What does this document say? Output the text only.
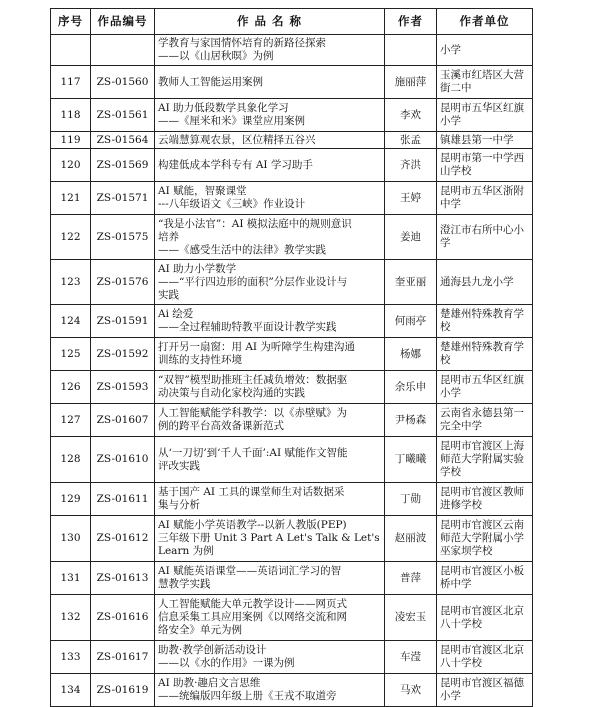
序号	作品编号	作 品 名 称	作者	作者单位

		学教育与家国情怀培育的新路径探索
——以《山居秋暝》为例		小学

117	ZS-01560	教师人工智能运用案例	施丽萍	玉溪市红塔区大营
街二中

118	ZS-01561	AI 助力低段数学具象化学习
——《厘米和米》课堂应用案例	李欢	昆明市五华区红旗
小学

119	ZS-01564	云端慧算观农景，区位精择五谷兴	张孟	镇雄县第一中学

120	ZS-01569	构建低成本学科专有 AI 学习助手	齐洪	昆明市第一中学西
山学校

121	ZS-01571	AI 赋能，智聚课堂
---八年级语文《三峡》作业设计	王婷	昆明市五华区浙附
中学

122	ZS-01575	“我是小法官”：AI 模拟法庭中的规则意识
培养
——《感受生活中的法律》教学实践	姜迪	澄江市右所中心小
学

123	ZS-01576	AI 助力小学数学
——“平行四边形的面积”分层作业设计与
实践	奎亚丽	通海县九龙小学

124	ZS-01591	Ai 绘爱
——全过程辅助特教平面设计教学实践	何雨亭	楚雄州特殊教育学
校

125	ZS-01592	打开另一扇窗：用 AI 为听障学生构建沟通
训练的支持性环境	杨娜	楚雄州特殊教育学
校

126	ZS-01593	“双智”模型助推班主任减负增效：数据驱
动决策与自动化家校沟通的实践	余乐申	昆明市五华区红旗
小学

127	ZS-01607	人工智能赋能学科教学：以《赤壁赋》为
例的跨平台高效备课新范式	尹杨森	云南省永德县第一
完全中学

128	ZS-01610	从‘一刀切’到‘千人千面’:AI 赋能作文智能
评改实践	丁曦曦	昆明市官渡区上海
师范大学附属实验
学校

129	ZS-01611	基于国产 AI 工具的课堂师生对话数据采
集与分析	丁勋	昆明市官渡区教师
进修学校

130	ZS-01612	AI 赋能小学英语教学--以新人教版(PEP)
三年级下册 Unit 3 Part A Let's Talk & Let's
Learn 为例	赵丽波	昆明市官渡区云南
师范大学附属小学
巫家坝学校

131	ZS-01613	AI 赋能英语课堂——英语词汇学习的智
慧教学实践	普萍	昆明市官渡区小板
桥中学

132	ZS-01616	人工智能赋能大单元教学设计——网页式
信息采集工具应用案例《以网络交流和网
络安全》单元为例	凌宏玉	昆明市官渡区北京
八十学校

133	ZS-01617	助教·教学创新活动设计
——以《水的作用》一课为例	车滢	昆明市官渡区北京
八十学校

134	ZS-01619	AI 助教·趣启文言思维
——统编版四年级上册《王戎不取道旁	马欢	昆明市官渡区福德
小学
